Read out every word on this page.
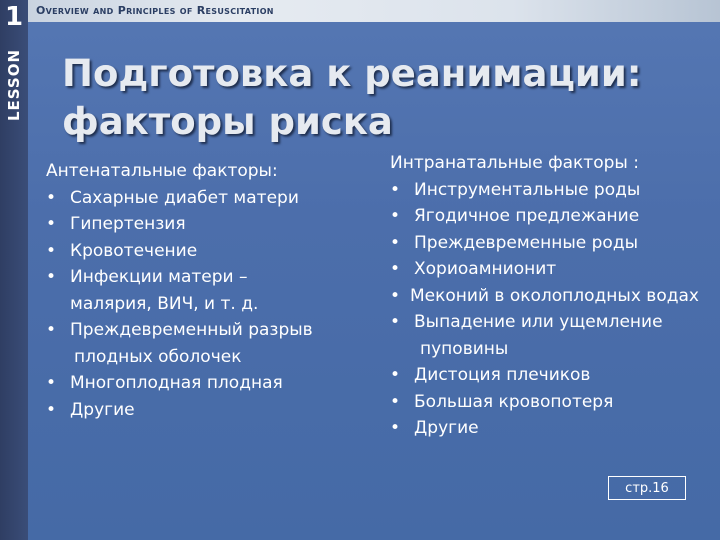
1
LESSON
Overview and Principles of Resuscitation
Подготовка к реанимации:
факторы риска
Антенатальные факторы:
• Сахарные диабет матери
• Гипертензия
• Кровотечение
• Инфекции матери –
малярия, ВИЧ, и т. д.
• Преждевременный разрыв
плодных оболочек
• Многоплодная плодная
• Другие
Интранатальные факторы :
• Инструментальные роды
• Ягодичное предлежание
• Преждевременные роды
• Хориоамнионит
• Меконий в околоплодных водах
• Выпадение или ущемление
пуповины
• Дистоция плечиков
• Большая кровопотеря
• Другие
стр.16
